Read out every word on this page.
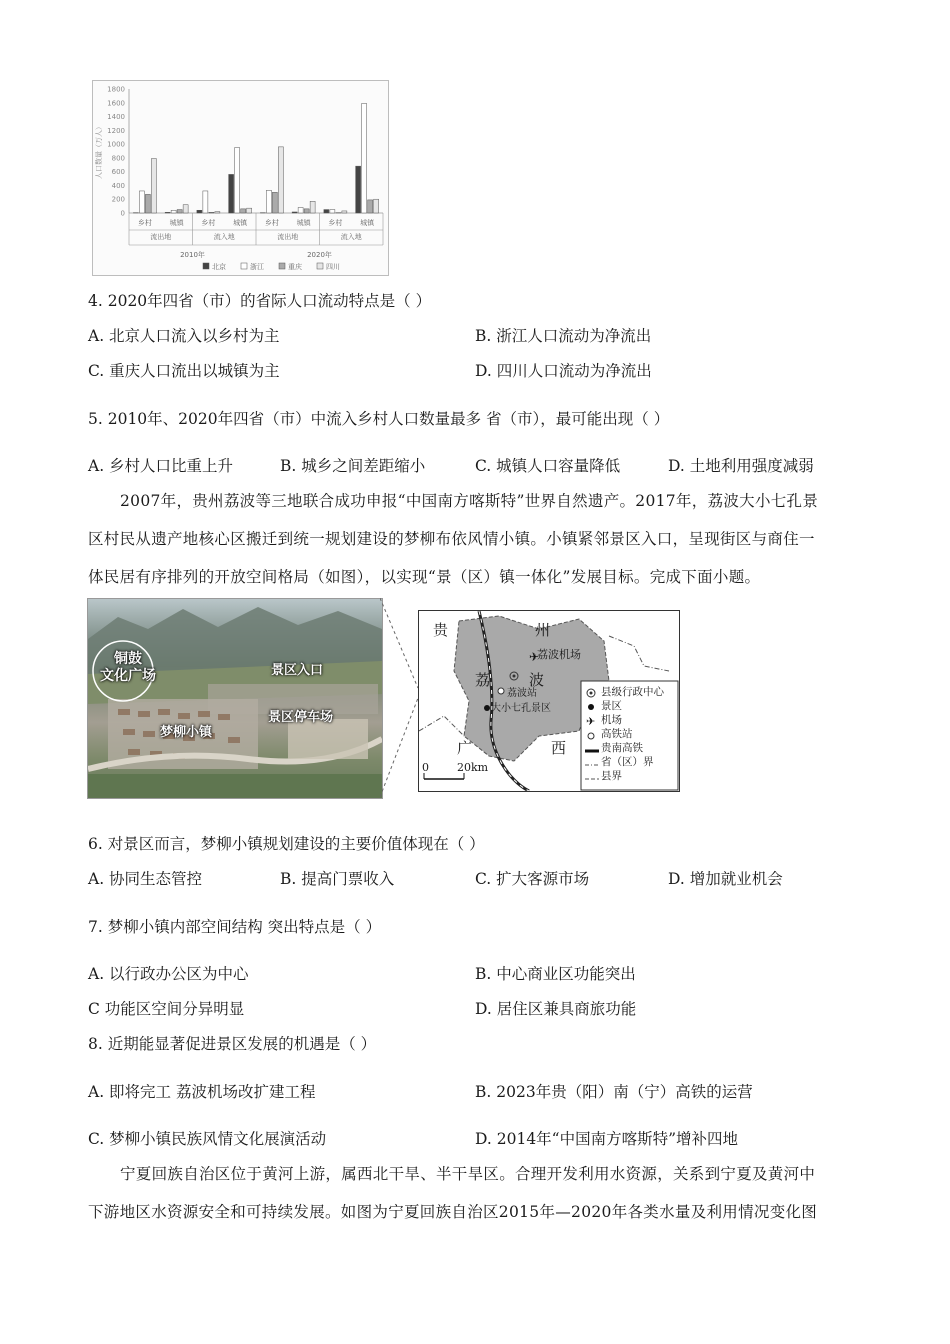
人口数量（万人）
0
200
400
600
800
1000
1200
1400
1600
1800
乡村	城镇	乡村	城镇	乡村	城镇	乡村	城镇
流出地	流入地	流出地	流入地
2010年	2020年
北京	浙江	重庆	四川
4. 2020年四省（市）的省际人口流动特点是（ ）
A. 北京人口流入以乡村为主	B. 浙江人口流动为净流出
C. 重庆人口流出以城镇为主	D. 四川人口流动为净流出
5. 2010年、2020年四省（市）中流入乡村人口数量最多 省（市），最可能出现（ ）
A. 乡村人口比重上升	B. 城乡之间差距缩小	C. 城镇人口容量降低	D. 土地利用强度减弱
2007年，贵州荔波等三地联合成功申报“中国南方喀斯特”世界自然遗产。2017年，荔波大小七孔景
区村民从遗产地核心区搬迁到统一规划建设的梦柳布依风情小镇。小镇紧邻景区入口，呈现街区与商住一
体民居有序排列的开放空间格局（如图），以实现“景（区）镇一体化”发展目标。完成下面小题。
铜鼓
文化广场	景区入口
梦柳小镇
景区停车场
✈
✈
贵	州
荔	波
广	西
荔波机场
荔波站
大小七孔景区
0	20km
县级行政中心
景区
机场
高铁站
贵南高铁
省（区）界
县界
6. 对景区而言，梦柳小镇规划建设的主要价值体现在（ ）
A. 协同生态管控	B. 提高门票收入	C. 扩大客源市场	D. 增加就业机会
7. 梦柳小镇内部空间结构 突出特点是（ ）
A. 以行政办公区为中心	B. 中心商业区功能突出
C 功能区空间分异明显	D. 居住区兼具商旅功能
8. 近期能显著促进景区发展的机遇是（ ）
A. 即将完工 荔波机场改扩建工程	B. 2023年贵（阳）南（宁）高铁的运营
C. 梦柳小镇民族风情文化展演活动	D. 2014年“中国南方喀斯特”增补四地
宁夏回族自治区位于黄河上游，属西北干旱、半干旱区。合理开发利用水资源，关系到宁夏及黄河中
下游地区水资源安全和可持续发展。如图为宁夏回族自治区2015年—2020年各类水量及利用情况变化图
